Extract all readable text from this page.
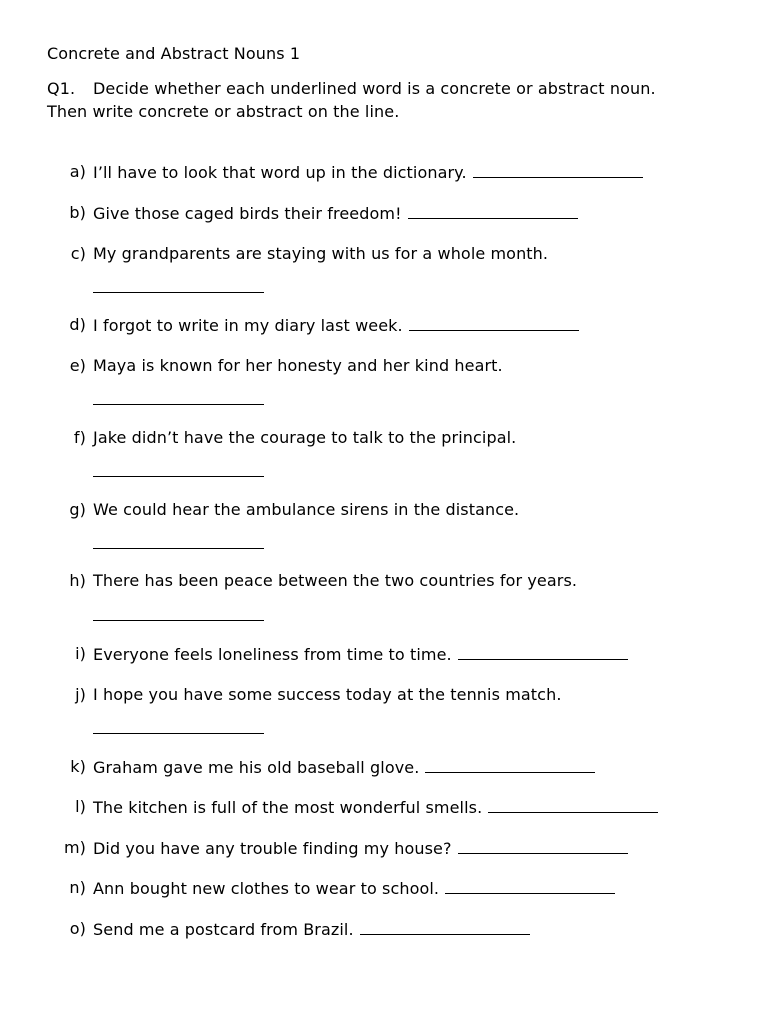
Concrete and Abstract Nouns 1
Q1. Decide whether each underlined word is a concrete or abstract noun.
Then write concrete or abstract on the line.
a) I’ll have to look that word up in the dictionary.
b) Give those caged birds their freedom!
c) My grandparents are staying with us for a whole month.
d) I forgot to write in my diary last week.
e) Maya is known for her honesty and her kind heart.
f) Jake didn’t have the courage to talk to the principal.
g) We could hear the ambulance sirens in the distance.
h) There has been peace between the two countries for years.
i) Everyone feels loneliness from time to time.
j) I hope you have some success today at the tennis match.
k) Graham gave me his old baseball glove.
l) The kitchen is full of the most wonderful smells.
m) Did you have any trouble finding my house?
n) Ann bought new clothes to wear to school.
o) Send me a postcard from Brazil.
